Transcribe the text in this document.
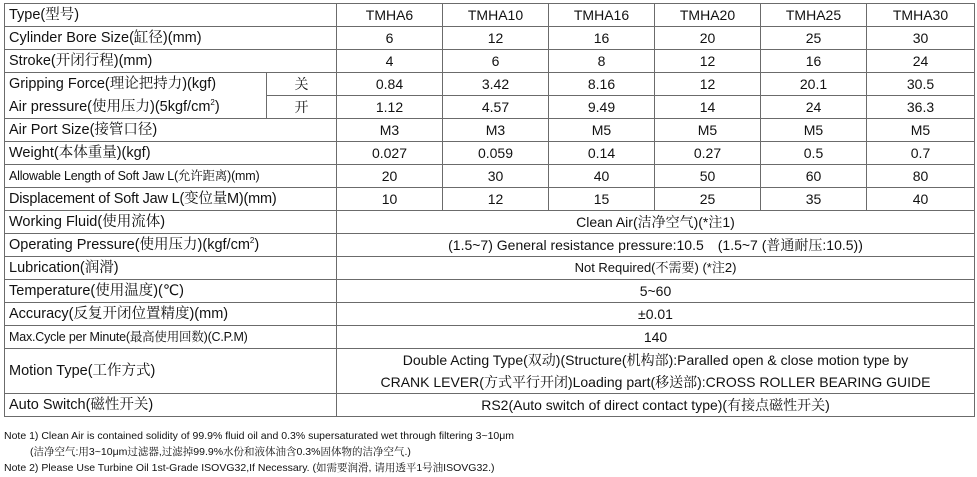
Type(型号)		TMHA6	TMHA10	TMHA16	TMHA20	TMHA25	TMHA30
Cylinder Bore Size(缸径)(mm)		6	12	16	20	25	30
Stroke(开闭行程)(mm)		4	6	8	12	16	24
Gripping Force(理论把持力)(kgf)	关	0.84	3.42	8.16	12	20.1	30.5
Air pressure(使用压力)$(5kgf/cm^2)$	开	1.12	4.57	9.49	14	24	36.3
Air Port Size(接管口径)		M3	M3	M5	M5	M5	M5
Weight(本体重量)(kgf)		0.027	0.059	0.14	0.27	0.5	0.7
Allowable Length of Soft Jaw L(允许距离)(mm)		20	30	40	50	60	80
Displacement of Soft Jaw L(变位量M)(mm)		10	12	15	25	35	40
Working Fluid(使用流体)		Clean Air(洁净空气)(*注1)					
Operating Pressure(使用压力)$(kgf/cm^2)$		(1.5~7) General resistance pressure:10.5　(1.5~7 (普通耐压:10.5))					
Lubrication(润滑)		Not Required(不需要) (*注2)					
Temperature(使用温度)(℃)		5~60					
Accuracy(反复开闭位置精度)(mm)		±0.01					
Max.Cycle per Minute(最高使用回数)(C.P.M)		140					
Motion Type(工作方式)		Double Acting Type(双动)(Structure(机构部):Paralled open & close motion type by
CRANK LEVER(方式平行开闭)Loading part(移送部):CROSS ROLLER BEARING GUIDE					

Auto Switch(磁性开关)		RS2(Auto switch of direct contact type)(有接点磁性开关)					
Note 1) Clean Air is contained solidity of 99.9% fluid oil and 0.3% supersaturated wet through filtering 3~10μm
(洁净空气:用3~10μm过滤器,过滤掉99.9%水份和液体油含0.3%固体物的洁净空气.)
Note 2) Please Use Turbine Oil 1st-Grade ISOVG32,If Necessary. (如需要润滑, 请用透平1号油ISOVG32.)
